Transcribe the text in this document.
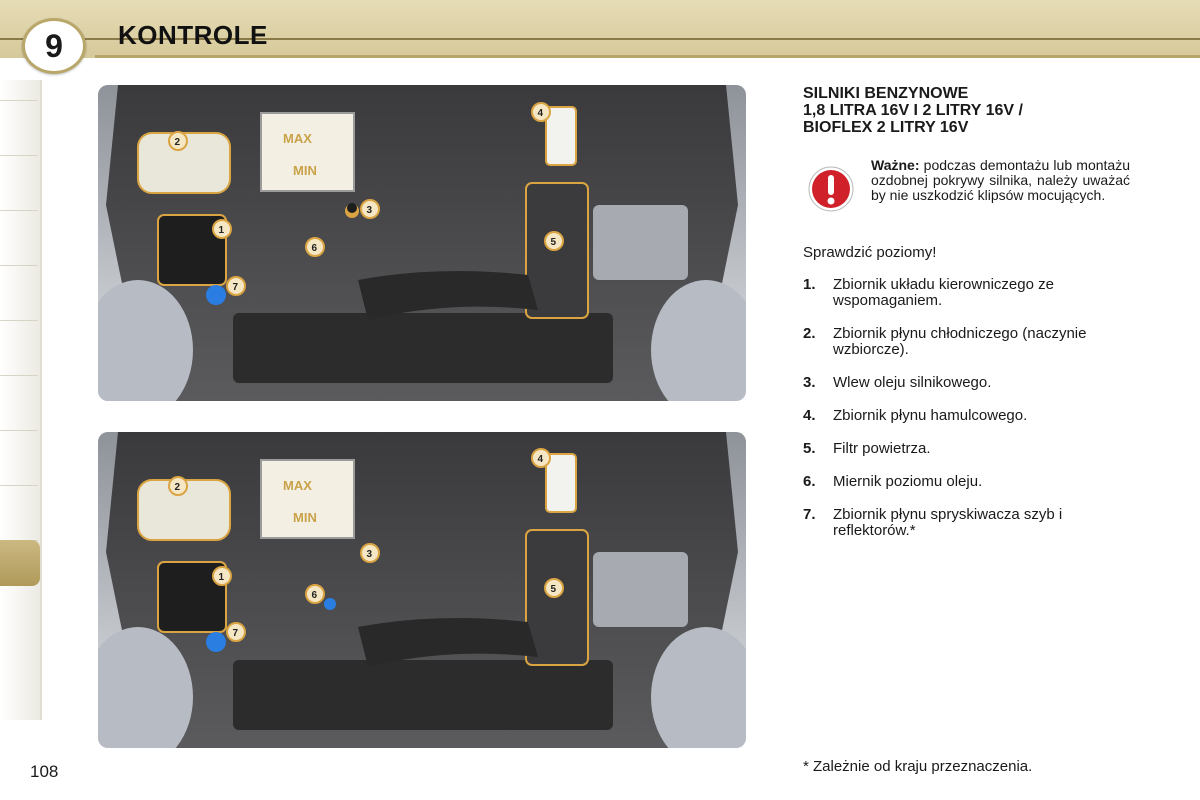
9	KONTROLE
MAX
MIN
1
2
3
4
5
6
7
MAX
MIN
1
2
3
4
5
6
7
SILNIKI BENZYNOWE
1,8 LITRA 16V I 2 LITRY 16V /
BIOFLEX 2 LITRY 16V
Ważne: podczas demontażu lub montażu ozdobnej pokrywy silnika, należy uważać by nie uszkodzić klipsów mocujących.
Sprawdzić poziomy!
1.	Zbiornik układu kierowniczego ze wspomaganiem.
2.	Zbiornik płynu chłodniczego (naczynie wzbiorcze).
3.	Wlew oleju silnikowego.
4.	Zbiornik płynu hamulcowego.
5.	Filtr powietrza.
6.	Miernik poziomu oleju.
7.	Zbiornik płynu spryskiwacza szyb i reflektorów.*
* Zależnie od kraju przeznaczenia.
108
